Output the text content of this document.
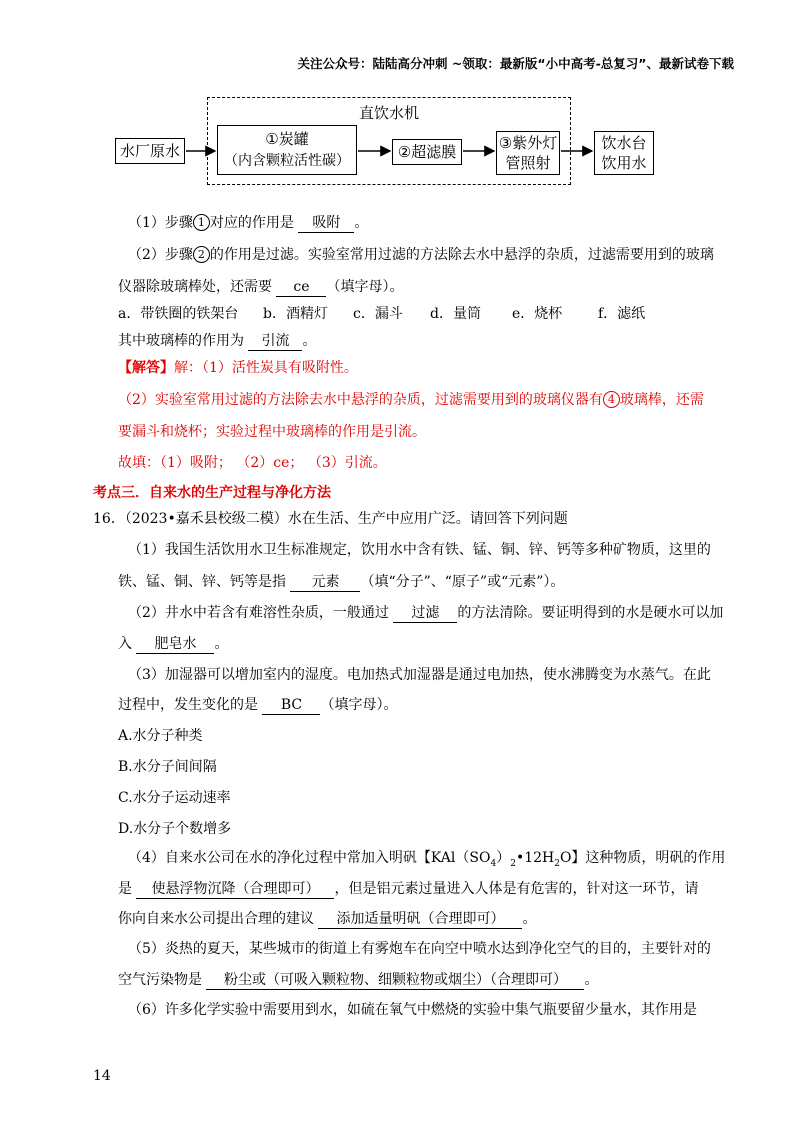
关注公众号：陆陆高分冲刺 ~领取：最新版“小中高考-总复习”、最新试卷下载
直饮水机
水厂原水
①炭罐
（内含颗粒活性碳）	②超滤膜	③紫外灯
管照射
饮水台
饮用水
（1）步骤 1 对应的作用是 吸附 。
（2）步骤 2 的作用是过滤。实验室常用过滤的方法除去水中悬浮的杂质，过滤需要用到的玻璃
仪器除玻璃棒处，还需要 ce （填字母）。
a．带铁圈的铁架台 b．酒精灯 c．漏斗 d．量筒 e．烧杯	f．滤纸
其中玻璃棒的作用为 引流 。
【解答】解：（1）活性炭具有吸附性。
（2）实验室常用过滤的方法除去水中悬浮的杂质，过滤需要用到的玻璃仪器有 4 玻璃棒，还需
要漏斗和烧杯；实验过程中玻璃棒的作用是引流。
故填：（1）吸附； （2）ce； （3）引流。
考点三．自来水的生产过程与净化方法
16．（2023•嘉禾县校级二模）水在生活、生产中应用广泛。请回答下列问题
（1）我国生活饮用水卫生标准规定，饮用水中含有铁、锰、铜、锌、钙等多种矿物质，这里的
铁、锰、铜、锌、钙等是指 元素 （填“分子”、“原子”或“元素”）。
（2）井水中若含有难溶性杂质，一般通过 过滤 的方法清除。要证明得到的水是硬水可以加
入 肥皂水 。
（3）加湿器可以增加室内的湿度。电加热式加湿器是通过电加热，使水沸腾变为水蒸气。在此
过程中，发生变化的是 BC （填字母）。
A.水分子种类
B.水分子间间隔
C.水分子运动速率
D.水分子个数增多
（4）自来水公司在水的净化过程中常加入明矾【$KAl(SO_4)_2•12H_2O$】这种物质，明矾的作用
是 使悬浮物沉降（合理即可） ，但是铝元素过量进入人体是有危害的，针对这一环节，请
你向自来水公司提出合理的建议 添加适量明矾（合理即可） 。
（5）炎热的夏天，某些城市的街道上有雾炮车在向空中喷水达到净化空气的目的，主要针对的
空气污染物是 粉尘或（可吸入颗粒物、细颗粒物或烟尘）（合理即可） 。
（6）许多化学实验中需要用到水，如硫在氧气中燃烧的实验中集气瓶要留少量水，其作用是
14
